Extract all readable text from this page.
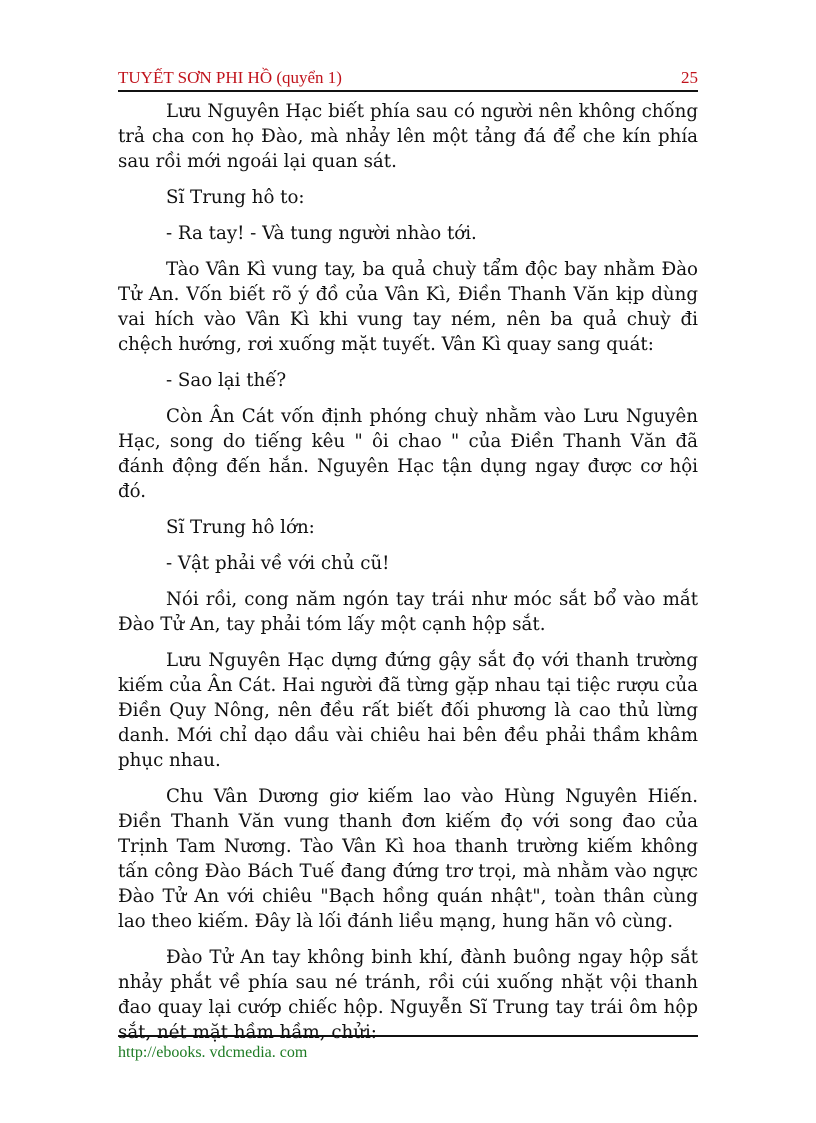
TUYẾT SƠN PHI HỒ (quyển 1)	25

Lưu Nguyên Hạc biết phía sau có người nên không chống trả cha con họ Đào, mà nhảy lên một tảng đá để che kín phía sau rồi mới ngoái lại quan sát.

Sĩ Trung hô to:

- Ra tay! - Và tung người nhào tới.

Tào Vân Kì vung tay, ba quả chuỳ tẩm độc bay nhằm Đào Tử An. Vốn biết rõ ý đồ của Vân Kì, Điền Thanh Văn kịp dùng vai hích vào Vân Kì khi vung tay ném, nên ba quả chuỳ đi chệch hướng, rơi xuống mặt tuyết. Vân Kì quay sang quát:

- Sao lại thế?

Còn Ân Cát vốn định phóng chuỳ nhằm vào Lưu Nguyên Hạc, song do tiếng kêu " ôi chao " của Điền Thanh Văn đã đánh động đến hắn. Nguyên Hạc tận dụng ngay được cơ hội đó.

Sĩ Trung hô lớn:

- Vật phải về với chủ cũ!

Nói rồi, cong năm ngón tay trái như móc sắt bổ vào mắt Đào Tử An, tay phải tóm lấy một cạnh hộp sắt.

Lưu Nguyên Hạc dựng đứng gậy sắt đọ với thanh trường kiếm của Ân Cát. Hai người đã từng gặp nhau tại tiệc rượu của Điền Quy Nông, nên đều rất biết đối phương là cao thủ lừng danh. Mới chỉ dạo dầu vài chiêu hai bên đều phải thầm khâm phục nhau.

Chu Vân Dương giơ kiếm lao vào Hùng Nguyên Hiến. Điền Thanh Văn vung thanh đơn kiếm đọ với song đao của Trịnh Tam Nương. Tào Vân Kì hoa thanh trường kiếm không tấn công Đào Bách Tuế đang đứng trơ trọi, mà nhằm vào ngực Đào Tử An với chiêu "Bạch hồng quán nhật", toàn thân cùng lao theo kiếm. Đây là lối đánh liều mạng, hung hãn vô cùng.

Đào Tử An tay không binh khí, đành buông ngay hộp sắt nhảy phắt về phía sau né tránh, rồi cúi xuống nhặt vội thanh đao quay lại cướp chiếc hộp. Nguyễn Sĩ Trung tay trái ôm hộp sắt, nét mặt hầm hầm, chửi:

http://ebooks. vdcmedia. com
